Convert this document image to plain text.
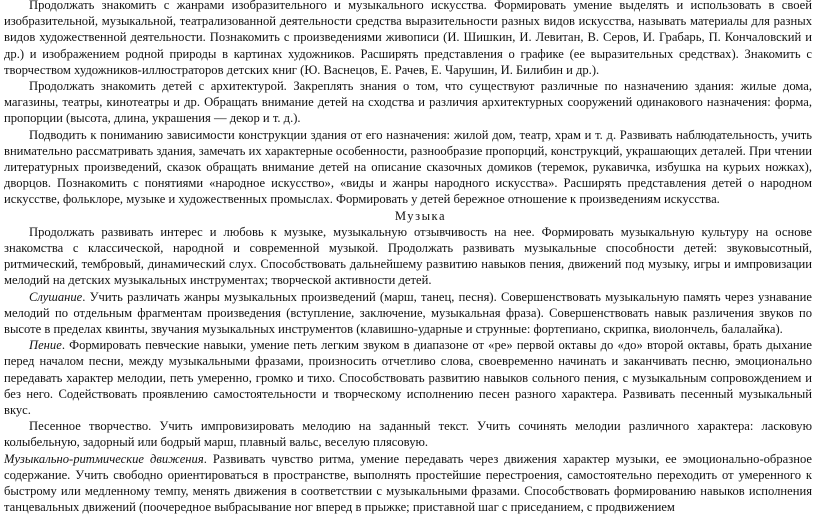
Продолжать знакомить с жанрами изобразительного и музыкального искусства. Формировать умение выделять и использовать в своей изобразительной, музыкальной, театрализованной деятельности средства выразительности разных видов искусства, называть материалы для разных видов художественной деятельности. Познакомить с произведениями живописи (И. Шишкин, И. Левитан, В. Серов, И. Грабарь, П. Кончаловский и др.) и изображением родной природы в картинах художников. Расширять представления о графике (ее выразительных средствах). Знакомить с творчеством художников-иллюстраторов детских книг (Ю. Васнецов, Е. Рачев, Е. Чарушин, И. Билибин и др.).

Продолжать знакомить детей с архитектурой. Закреплять знания о том, что существуют различные по назначению здания: жилые дома, магазины, театры, кинотеатры и др. Обращать внимание детей на сходства и различия архитектурных сооружений одинакового назначения: форма, пропорции (высота, длина, украшения — декор и т. д.).

Подводить к пониманию зависимости конструкции здания от его назначения: жилой дом, театр, храм и т. д. Развивать наблюдательность, учить внимательно рассматривать здания, замечать их характерные особенности, разнообразие пропорций, конструкций, украшающих деталей. При чтении литературных произведений, сказок обращать внимание детей на описание сказочных домиков (теремок, рукавичка, избушка на курьих ножках), дворцов. Познакомить с понятиями «народное искусство», «виды и жанры народного искусства». Расширять представления детей о народном искусстве, фольклоре, музыке и художественных промыслах. Формировать у детей бережное отношение к произведениям искусства.

Музыка

Продолжать развивать интерес и любовь к музыке, музыкальную отзывчивость на нее. Формировать музыкальную культуру на основе знакомства с классической, народной и современной музыкой. Продолжать развивать музыкальные способности детей: звуковысотный, ритмический, тембровый, динамический слух. Способствовать дальнейшему развитию навыков пения, движений под музыку, игры и импровизации мелодий на детских музыкальных инструментах; творческой активности детей.

Слушание. Учить различать жанры музыкальных произведений (марш, танец, песня). Совершенствовать музыкальную память через узнавание мелодий по отдельным фрагментам произведения (вступление, заключение, музыкальная фраза). Совершенствовать навык различения звуков по высоте в пределах квинты, звучания музыкальных инструментов (клавишно-ударные и струнные: фортепиано, скрипка, виолончель, балалайка).

Пение. Формировать певческие навыки, умение петь легким звуком в диапазоне от «ре» первой октавы до «до» второй октавы, брать дыхание перед началом песни, между музыкальными фразами, произносить отчетливо слова, своевременно начинать и заканчивать песню, эмоционально передавать характер мелодии, петь умеренно, громко и тихо. Способствовать развитию навыков сольного пения, с музыкальным сопровождением и без него. Содействовать проявлению самостоятельности и творческому исполнению песен разного характера. Развивать песенный музыкальный вкус.

Песенное творчество. Учить импровизировать мелодию на заданный текст. Учить сочинять мелодии различного характера: ласковую колыбельную, задорный или бодрый марш, плавный вальс, веселую плясовую.

Музыкально-ритмические движения. Развивать чувство ритма, умение передавать через движения характер музыки, ее эмоционально-образное содержание. Учить свободно ориентироваться в пространстве, выполнять простейшие перестроения, самостоятельно переходить от умеренного к быстрому или медленному темпу, менять движения в соответствии с музыкальными фразами. Способствовать формированию навыков исполнения танцевальных движений (поочередное выбрасывание ног вперед в прыжке; приставной шаг с приседанием, с продвижением
